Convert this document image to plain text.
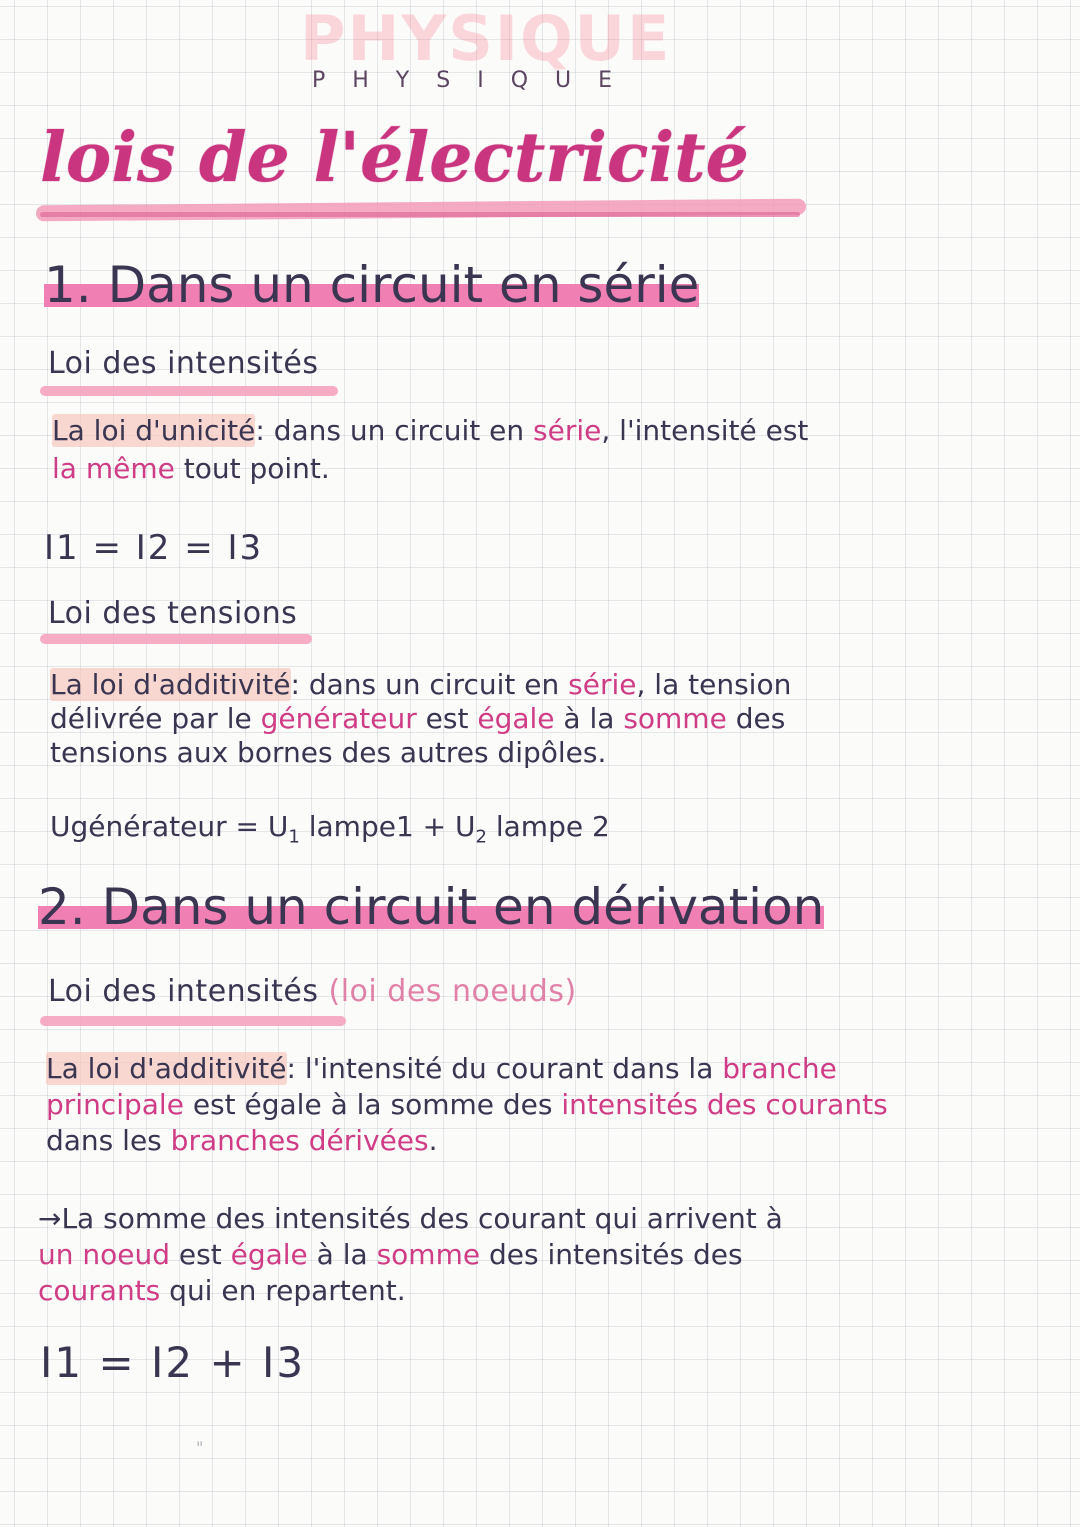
PHYSIQUE
PHYSIQUE
lois de l'électricité
1. Dans un circuit en série
Loi des intensités
La loi d'unicité: dans un circuit en série, l'intensité est
la même tout point.
I1 = I2 = I3
Loi des tensions
La loi d'additivité: dans un circuit en série, la tension
délivrée par le générateur est égale à la somme des
tensions aux bornes des autres dipôles.
Ugénérateur = $U_1$ lampe1 + $U_2$ lampe 2
2. Dans un circuit en dérivation
Loi des intensités (loi des noeuds)
La loi d'additivité: l'intensité du courant dans la branche
principale est égale à la somme des intensités des courants
dans les branches dérivées.
→La somme des intensités des courant qui arrivent à
un noeud est égale à la somme des intensités des
courants qui en repartent.
I1 = I2 + I3
"
